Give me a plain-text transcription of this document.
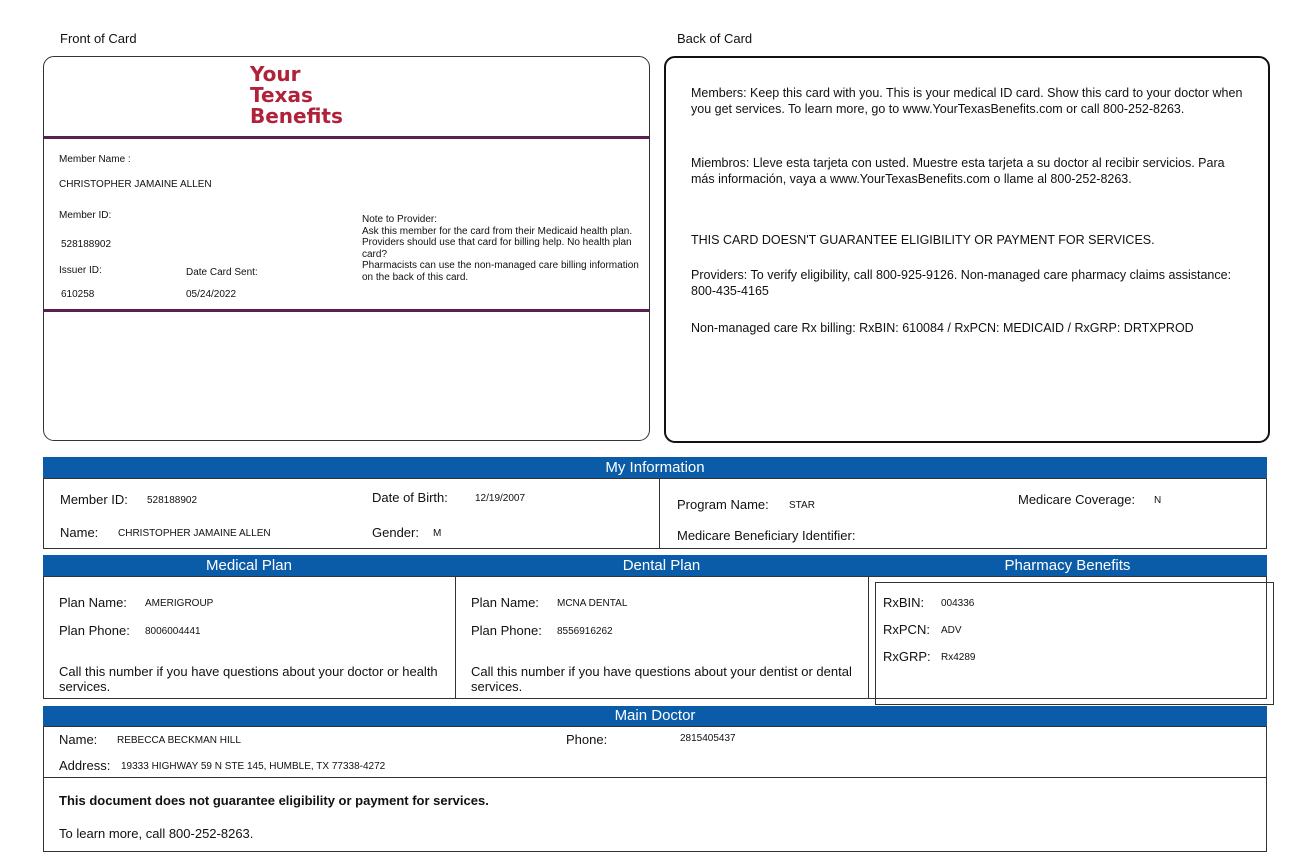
Front of Card
Your
Texas
Benefits
Member Name :
CHRISTOPHER JAMAINE ALLEN
Member ID:
528188902
Issuer ID:
610258
Date Card Sent:
05/24/2022
Note to Provider:
Ask this member for the card from their Medicaid health plan. Providers should use that card for billing help. No health plan card?
Pharmacists can use the non-managed care billing information on the back of this card.
Back of Card
Members: Keep this card with you. This is your medical ID card. Show this card to your doctor when you get services. To learn more, go to www.YourTexasBenefits.com or call 800-252-8263.
Miembros: Lleve esta tarjeta con usted. Muestre esta tarjeta a su doctor al recibir servicios. Para más información, vaya a www.YourTexasBenefits.com o llame al 800-252-8263.
THIS CARD DOESN'T GUARANTEE ELIGIBILITY OR PAYMENT FOR SERVICES.
Providers: To verify eligibility, call 800-925-9126. Non-managed care pharmacy claims assistance: 800-435-4165
Non-managed care Rx billing: RxBIN: 610084 / RxPCN: MEDICAID / RxGRP: DRTXPROD
My Information
Member ID: 528188902	Date of Birth:	12/19/2007
Name: CHRISTOPHER JAMAINE ALLEN	Gender: M
Program Name: STAR	Medicare Coverage: N
Medicare Beneficiary Identifier:
Medical Plan	Dental Plan	Pharmacy Benefits
Plan Name: AMERIGROUP
Plan Phone: 8006004441
Call this number if you have questions about your doctor or health services.
Plan Name: MCNA DENTAL
Plan Phone: 8556916262
Call this number if you have questions about your dentist or dental services.
RxBIN: 004336
RxPCN: ADV
RxGRP: Rx4289
Main Doctor
Name: REBECCA BECKMAN HILL	Phone:	2815405437
Address: 19333 HIGHWAY 59 N STE 145, HUMBLE, TX 77338-4272
This document does not guarantee eligibility or payment for services.
To learn more, call 800-252-8263.
